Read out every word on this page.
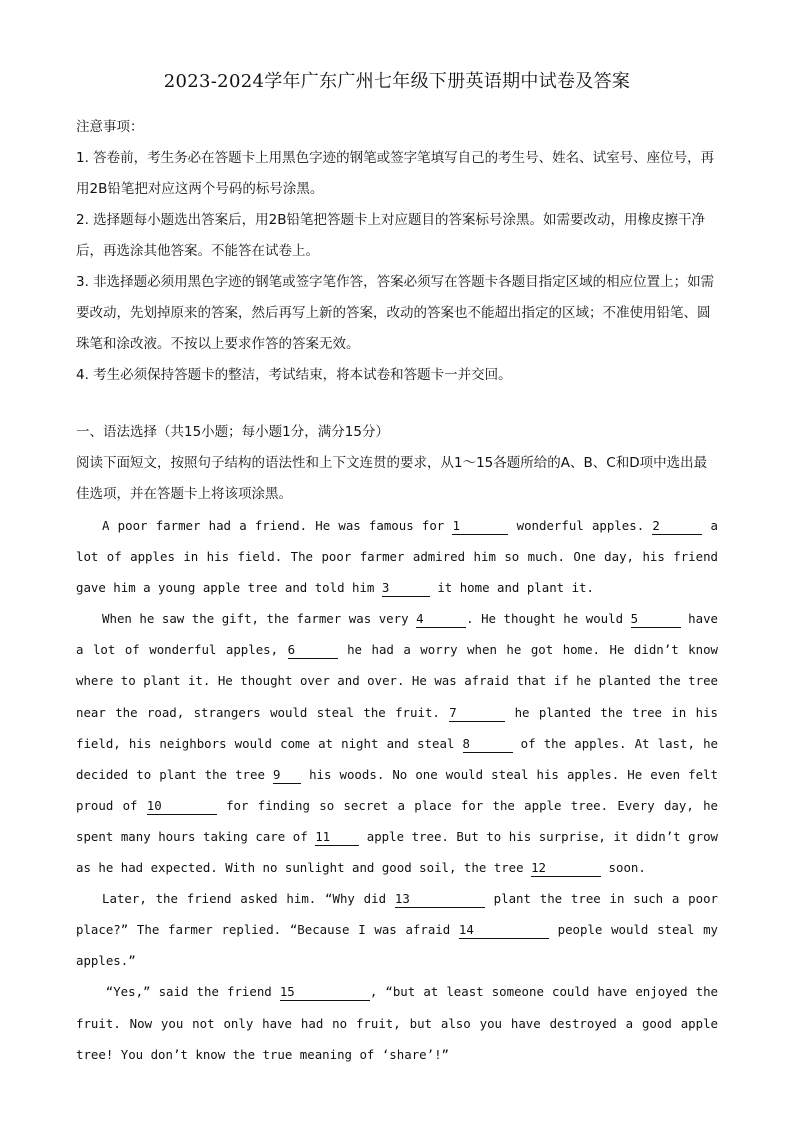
2023-2024学年广东广州七年级下册英语期中试卷及答案

注意事项：

1. 答卷前，考生务必在答题卡上用黑色字迹的钢笔或签字笔填写自己的考生号、姓名、试室号、座位号，再用2B铅笔把对应这两个号码的标号涂黑。

2. 选择题每小题选出答案后，用2B铅笔把答题卡上对应题目的答案标号涂黑。如需要改动，用橡皮擦干净后，再选涂其他答案。不能答在试卷上。

3. 非选择题必须用黑色字迹的钢笔或签字笔作答，答案必须写在答题卡各题目指定区域的相应位置上；如需要改动，先划掉原来的答案，然后再写上新的答案，改动的答案也不能超出指定的区域；不准使用铅笔、圆珠笔和涂改液。不按以上要求作答的答案无效。

4. 考生必须保持答题卡的整洁，考试结束，将本试卷和答题卡一并交回。

一、语法选择（共15小题；每小题1分，满分15分）

阅读下面短文，按照句子结构的语法性和上下文连贯的要求，从1～15各题所给的A、B、C和D项中选出最佳选项，并在答题卡上将该项涂黑。

A poor farmer had a friend. He was famous for 1	wonderful apples. 2	a lot of apples in his field. The poor farmer admired him so much. One day, his friend gave him a young apple tree and told him 3	it home and plant it.

When he saw the gift, the farmer was very 4	. He thought he would 5	have a lot of wonderful apples, 6	he had a worry when he got home. He didn’t know where to plant it. He thought over and over. He was afraid that if he planted the tree near the road, strangers would steal the fruit. 7	he planted the tree in his field, his neighbors would come at night and steal 8	of the apples. At last, he decided to plant the tree 9 his woods. No one would steal his apples. He even felt proud of 10	for finding so secret a place for the apple tree. Every day, he spent many hours taking care of 11 apple tree. But to his surprise, it didn’t grow as he had expected. With no sunlight and good soil, the tree 12	soon.

Later, the friend asked him. “Why did 13	plant the tree in such a poor place?” The farmer replied. “Because I was afraid 14	people would steal my apples.”

“Yes,” said the friend 15	, “but at least someone could have enjoyed the fruit. Now you not only have had no fruit, but also you have destroyed a good apple tree! You don’t know the true meaning of ‘share’!”
